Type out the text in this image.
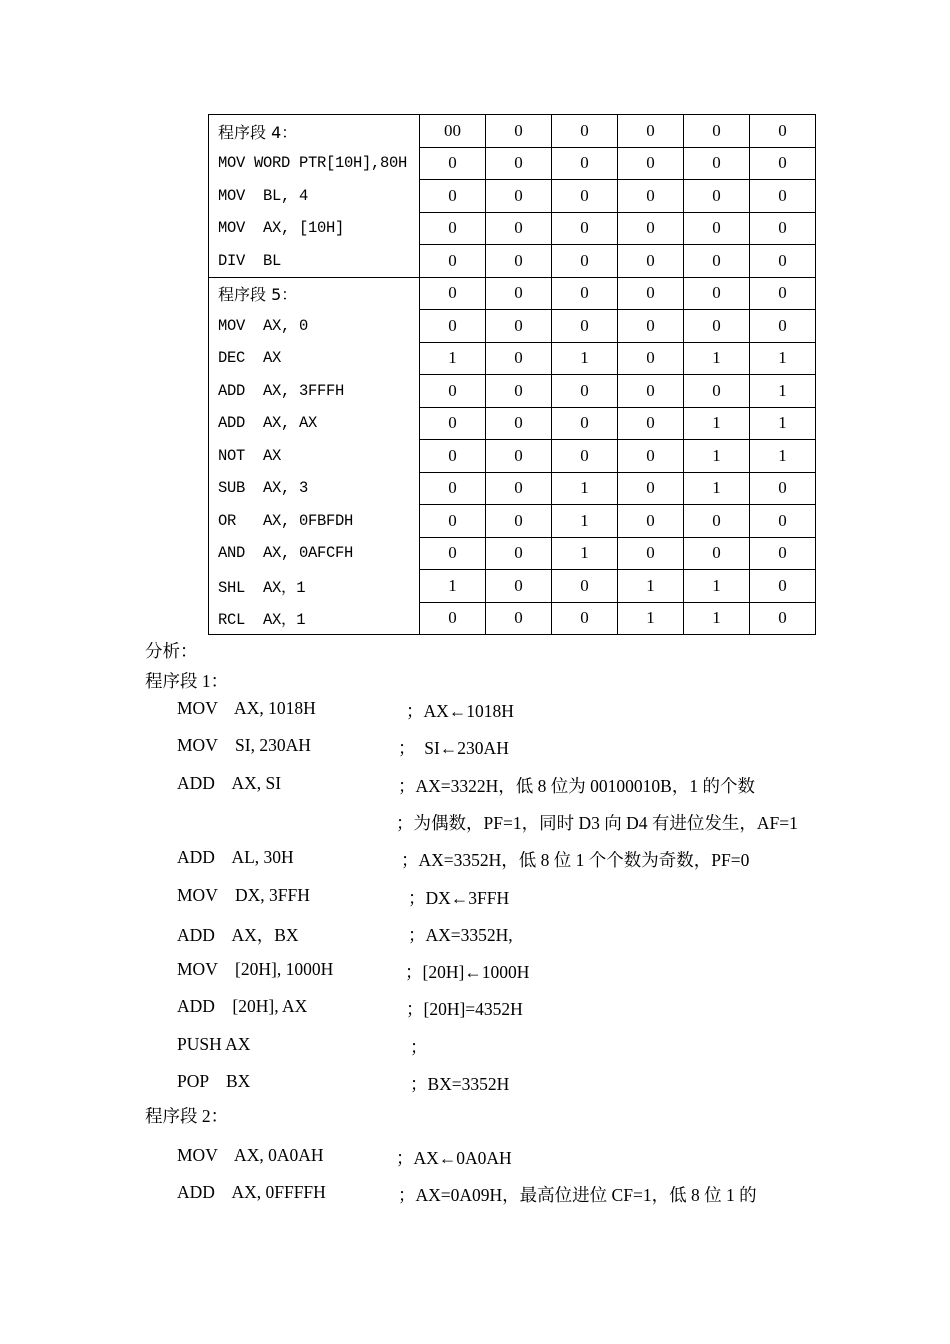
程序段 4：	00	0	0	0	0	0
MOV WORD PTR[10H],80H	0	0	0	0	0	0
MOV  BL, 4	0	0	0	0	0	0
MOV  AX, [10H]	0	0	0	0	0	0
DIV  BL	0	0	0	0	0	0
程序段 5：	0	0	0	0	0	0
MOV  AX, 0	0	0	0	0	0	0
DEC  AX	1	0	1	0	1	1
ADD  AX, 3FFFH	0	0	0	0	0	1
ADD  AX, AX	0	0	0	0	1	1
NOT  AX	0	0	0	0	1	1
SUB  AX, 3	0	0	1	0	1	0
OR   AX, 0FBFDH	0	0	1	0	0	0
AND  AX, 0AFCFH	0	0	1	0	0	0
SHL  AX，1	1	0	0	1	1	0
RCL  AX，1	0	0	0	1	1	0
分析：
程序段 1：
MOV    AX, 1018H	；AX←1018H
MOV    SI, 230AH	；  SI←230AH
ADD    AX, SI	；AX=3322H，低 8 位为 00100010B，1 的个数
；为偶数，PF=1，同时 D3 向 D4 有进位发生，AF=1
ADD    AL, 30H	；AX=3352H，低 8 位 1 个个数为奇数，PF=0
MOV    DX, 3FFH	；DX←3FFH
ADD    AX，BX	；AX=3352H,
MOV    [20H], 1000H	；[20H]←1000H
ADD    [20H], AX	；[20H]=4352H
PUSH AX	；
POP    BX	；BX=3352H
程序段 2：
MOV    AX, 0A0AH	；AX←0A0AH
ADD    AX, 0FFFFH	；AX=0A09H，最高位进位 CF=1，低 8 位 1 的
